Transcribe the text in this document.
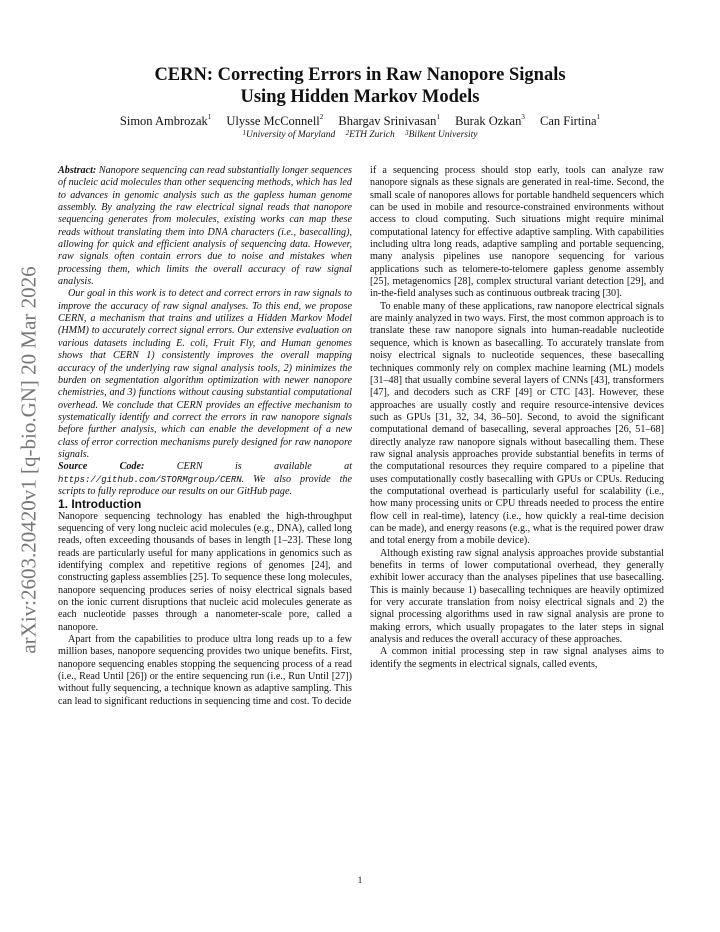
arXiv:2603.20420v1 [q-bio.GN] 20 Mar 2026
CERN: Correcting Errors in Raw Nanopore Signals
Using Hidden Markov Models
Simon Ambrozak$^1$ Ulysse McConnell$^2$ Bhargav Srinivasan$^1$ Burak Ozkan$^3$ Can Firtina$^1$
$^1$University of Maryland $^2$ETH Zurich $^3$Bilkent University

Abstract: Nanopore sequencing can read substantially longer sequences of nucleic acid molecules than other sequencing methods, which has led to advances in genomic analysis such as the gapless human genome assembly. By analyzing the raw electrical signal reads that nanopore sequencing generates from molecules, existing works can map these reads without translating them into DNA characters (i.e., basecalling), allowing for quick and efficient analysis of sequencing data. However, raw signals often contain errors due to noise and mistakes when processing them, which limits the overall accuracy of raw signal analysis.

Our goal in this work is to detect and correct errors in raw signals to improve the accuracy of raw signal analyses. To this end, we propose CERN, a mechanism that trains and utilizes a Hidden Markov Model (HMM) to accurately correct signal errors. Our extensive evaluation on various datasets including E. coli, Fruit Fly, and Human genomes shows that CERN 1) consistently improves the overall mapping accuracy of the underlying raw signal analysis tools, 2) minimizes the burden on segmentation algorithm optimization with newer nanopore chemistries, and 3) functions without causing substantial computational overhead. We conclude that CERN provides an effective mechanism to systematically identify and correct the errors in raw nanopore signals before further analysis, which can enable the development of a new class of error correction mechanisms purely designed for raw nanopore signals.

Source Code:	CERN is available at https://github.com/STORMgroup/CERN. We also provide the scripts to fully reproduce our results on our GitHub page.

1. Introduction

Nanopore sequencing technology has enabled the high-throughput sequencing of very long nucleic acid molecules (e.g., DNA), called long reads, often exceeding thousands of bases in length [1–23]. These long reads are particularly useful for many applications in genomics such as identifying complex and repetitive regions of genomes [24], and constructing gapless assemblies [25]. To sequence these long molecules, nanopore sequencing produces series of noisy electrical signals based on the ionic current disruptions that nucleic acid molecules generate as each nucleotide passes through a nanometer-scale pore, called a nanopore.

Apart from the capabilities to produce ultra long reads up to a few million bases, nanopore sequencing provides two unique benefits. First, nanopore sequencing enables stopping the sequencing process of a read (i.e., Read Until [26]) or the entire sequencing run (i.e., Run Until [27]) without fully sequencing, a technique known as adaptive sampling. This can lead to significant reductions in sequencing time and cost. To decide

if a sequencing process should stop early, tools can analyze raw nanopore signals as these signals are generated in real-time. Second, the small scale of nanopores allows for portable handheld sequencers which can be used in mobile and resource-constrained environments without access to cloud computing. Such situations might require minimal computational latency for effective adaptive sampling. With capabilities including ultra long reads, adaptive sampling and portable sequencing, many analysis pipelines use nanopore sequencing for various applications such as telomere-to-telomere gapless genome assembly [25], metagenomics [28], complex structural variant detection [29], and in-the-field analyses such as continuous outbreak tracing [30].

To enable many of these applications, raw nanopore electrical signals are mainly analyzed in two ways. First, the most common approach is to translate these raw nanopore signals into human-readable nucleotide sequence, which is known as basecalling. To accurately translate from noisy electrical signals to nucleotide sequences, these basecalling techniques commonly rely on complex machine learning (ML) models [31–48] that usually combine several layers of CNNs [43], transformers [47], and decoders such as CRF [49] or CTC [43]. However, these approaches are usually costly and require resource-intensive devices such as GPUs [31, 32, 34, 36–50]. Second, to avoid the significant computational demand of basecalling, several approaches [26, 51–68] directly analyze raw nanopore signals without basecalling them. These raw signal analysis approaches provide substantial benefits in terms of the computational resources they require compared to a pipeline that uses computationally costly basecalling with GPUs or CPUs. Reducing the computational overhead is particularly useful for scalability (i.e., how many processing units or CPU threads needed to process the entire flow cell in real-time), latency (i.e., how quickly a real-time decision can be made), and energy reasons (e.g., what is the required power draw and total energy from a mobile device).

Although existing raw signal analysis approaches provide substantial benefits in terms of lower computational overhead, they generally exhibit lower accuracy than the analyses pipelines that use basecalling. This is mainly because 1) basecalling techniques are heavily optimized for very accurate translation from noisy electrical signals and 2) the signal processing algorithms used in raw signal analysis are prone to making errors, which usually propagates to the later steps in signal analysis and reduces the overall accuracy of these approaches.

A common initial processing step in raw signal analyses aims to identify the segments in electrical signals, called events,

1
